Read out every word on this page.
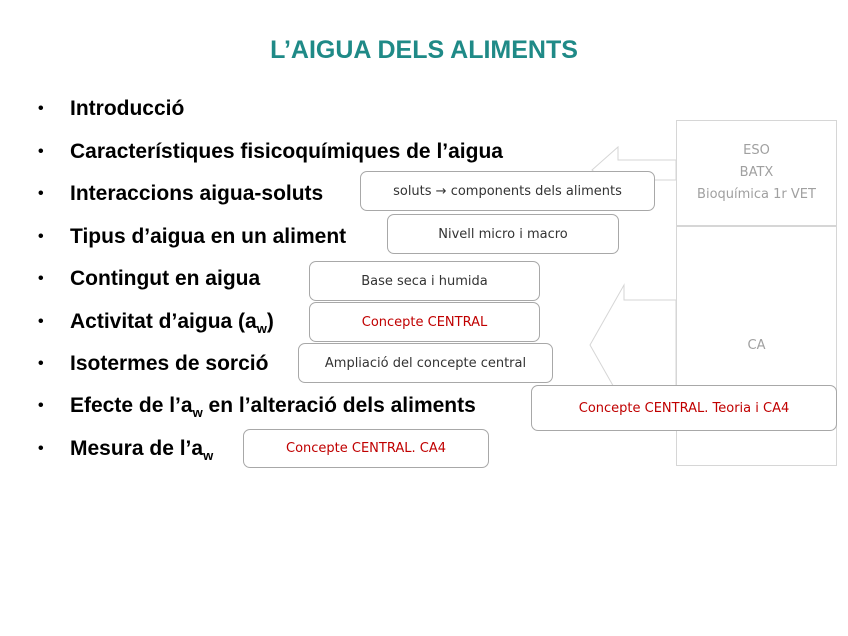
L’AIGUA DELS ALIMENTS
ESO
BATX
Bioquímica 1r VET
CA
•	Introducció
•	Característiques fisicoquímiques de l’aigua
•	Interaccions aigua-soluts
•	Tipus d’aigua en un aliment
•	Contingut en aigua
•	Activitat d’aigua $(a_w)$
•	Isotermes de sorció
•	Efecte de $l’a_w$ en l’alteració dels aliments
•	Mesura de $l’a_w$
soluts → components dels aliments
Nivell micro i macro
Base seca i humida
Concepte CENTRAL
Ampliació del concepte central
Concepte CENTRAL. Teoria i CA4
Concepte CENTRAL. CA4
